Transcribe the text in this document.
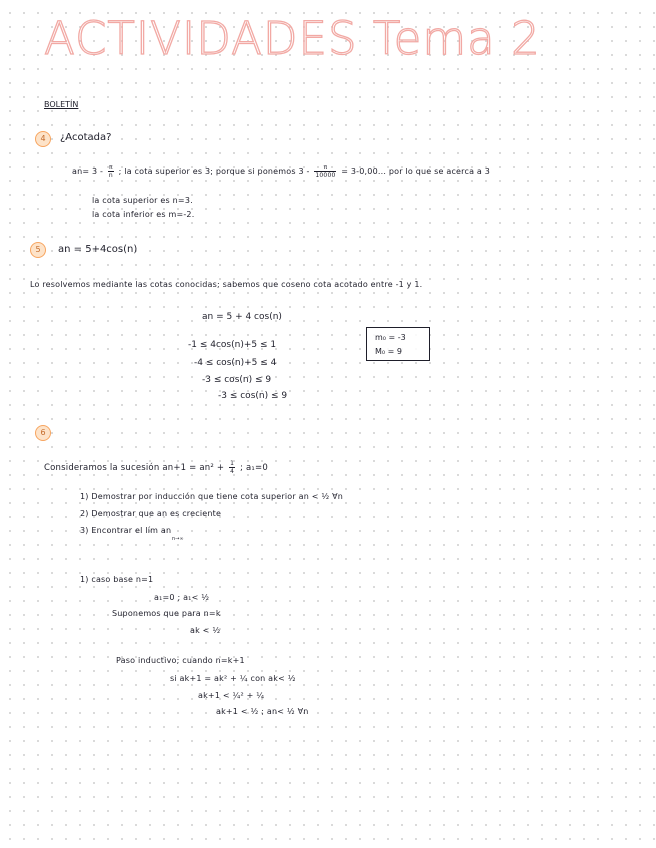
ACTIVIDADES Tema 2
BOLETÍN
4	¿Acotada?
$an= 3 - \frac{\pi}{n}$ ; la cota superior es 3; porque si ponemos $3 - \frac{\pi}{10000} = 3-0,00$... por lo que se acerca a 3
la cota superior es n=3.
la cota inferior es m=-2.
5	an = 5+4cos(n)
Lo resolvemos mediante las cotas conocidas; sabemos que coseno cota acotado entre -1 y 1.
an = 5 + 4 cos(n)
-1 ≤ 4cos(n)+5 ≤ 1
-4 ≤ cos(n)+5 ≤ 4
-3 ≤ cos(n) ≤ 9
-3 ≤ cos(n) ≤ 9
m₀ = -3
M₀ = 9
6
Consideramos la sucesión $an+1 = an^2 + \frac{1}{4}$ ; a₁=0
1) Demostrar por inducción que tiene cota superior an < ½ ∀n
2) Demostrar que an es creciente
3) Encontrar el lím an
n→∞
1) caso base n=1
a₁=0 ; a₁< ½
Suponemos que para n=k
ak < ½
Paso inductivo; cuando n=k+1
si ak+1 = ak² + ¼ con ak< ½
ak+1 < ¼² + ¼
ak+1 < ½ ; an< ½ ∀n
